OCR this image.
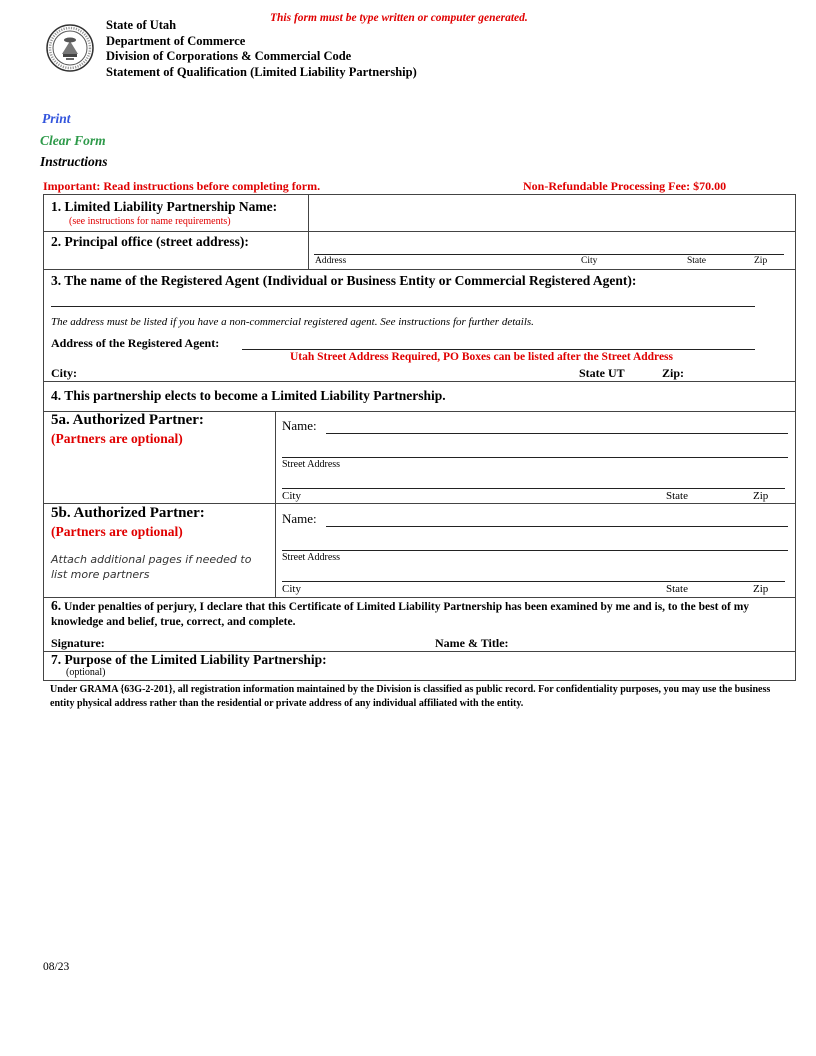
State of Utah
Department of Commerce
Division of Corporations & Commercial Code
Statement of Qualification (Limited Liability Partnership)
This form must be type written or computer generated.
Print
Clear Form
Instructions
Important: Read instructions before completing form.	Non-Refundable Processing Fee: $70.00
1. Limited Liability Partnership Name:
(see instructions for name requirements)
2. Principal office (street address):
Address	City	State	Zip
3. The name of the Registered Agent (Individual or Business Entity or Commercial Registered Agent):
The address must be listed if you have a non-commercial registered agent. See instructions for further details.
Address of the Registered Agent:
Utah Street Address Required, PO Boxes can be listed after the Street Address
City:	State UT	Zip:
4. This partnership elects to become a Limited Liability Partnership.
5a. Authorized Partner:
(Partners are optional)
Name:
Street Address
City	State	Zip
5b. Authorized Partner:
(Partners are optional)
Attach additional pages if needed to list more partners
Name:
Street Address
City	State	Zip
6. Under penalties of perjury, I declare that this Certificate of Limited Liability Partnership has been examined by me and is, to the best of my knowledge and belief, true, correct, and complete.
Signature:	Name & Title:
7. Purpose of the Limited Liability Partnership:
(optional)
Under GRAMA {63G-2-201}, all registration information maintained by the Division is classified as public record. For confidentiality purposes, you may use the business entity physical address rather than the residential or private address of any individual affiliated with the entity.
08/23
